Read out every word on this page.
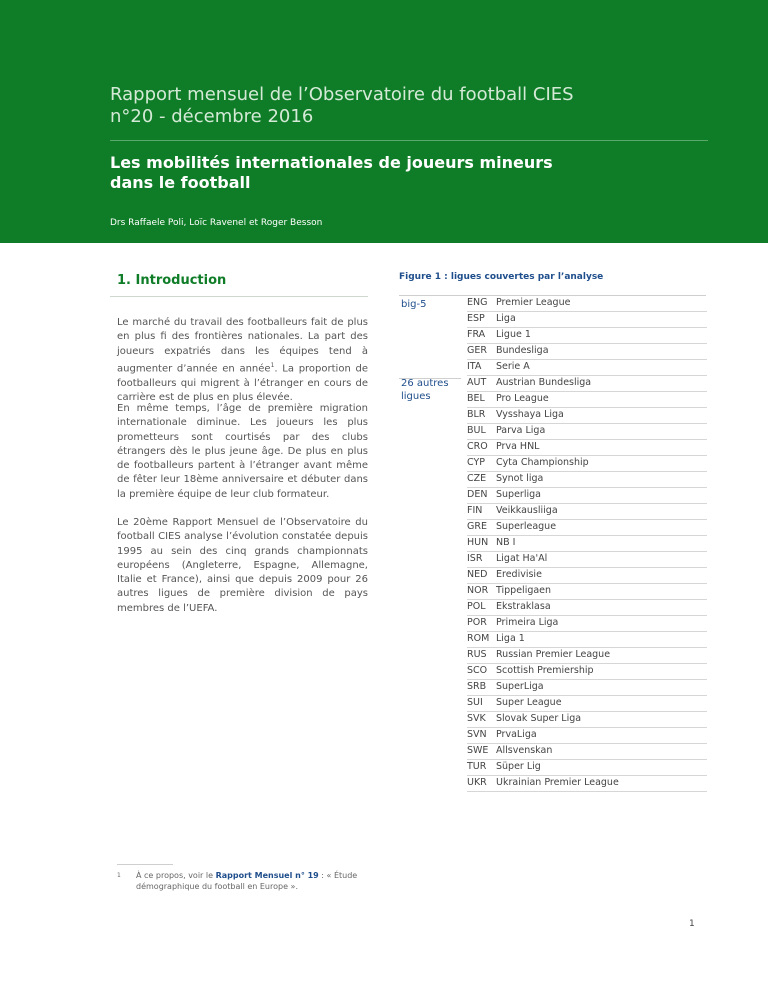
Rapport mensuel de l’Observatoire du football CIES
n°20 - décembre 2016
Les mobilités internationales de joueurs mineurs
dans le football
Drs Raffaele Poli, Loïc Ravenel et Roger Besson
1. Introduction

Le marché du travail des footballeurs fait de plus en plus fi des frontières nationales. La part des joueurs expatriés dans les équipes tend à augmenter d’année en année$^1$. La proportion de footballeurs qui migrent à l’étranger en cours de carrière est de plus en plus élevée.

En même temps, l’âge de première migration internationale diminue. Les joueurs les plus prometteurs sont courtisés par des clubs étrangers dès le plus jeune âge. De plus en plus de footballeurs partent à l’étranger avant même de fêter leur 18ème anniversaire et débuter dans la première équipe de leur club formateur.

Le 20ème Rapport Mensuel de l’Observatoire du football CIES analyse l’évolution constatée depuis 1995 au sein des cinq grands championnats européens (Angleterre, Espagne, Allemagne, Italie et France), ainsi que depuis 2009 pour 26 autres ligues de première division de pays membres de l’UEFA.

Figure 1 : ligues couvertes par l’analyse
big-5
26 autres ligues
ENG Premier League
ESP	Liga
FRA	Ligue 1
GER Bundesliga
ITA	Serie A
AUT	Austrian Bundesliga
BEL	Pro League
BLR	Vysshaya Liga
BUL	Parva Liga
CRO Prva HNL
CYP	Cyta Championship
CZE	Synot liga
DEN Superliga
FIN	Veikkausliiga
GRE Superleague
HUN NB I
ISR	Ligat Ha'Al
NED Eredivisie
NOR Tippeligaen
POL	Ekstraklasa
POR Primeira Liga
ROM Liga 1
RUS Russian Premier League
SCO Scottish Premiership
SRB	SuperLiga
SUI	Super League
SVK	Slovak Super Liga
SVN PrvaLiga
SWE Allsvenskan
TUR	Süper Lig
UKR Ukrainian Premier League
1 À ce propos, voir le Rapport Mensuel n° 19 : « Étude démographique du football en Europe ».
1
